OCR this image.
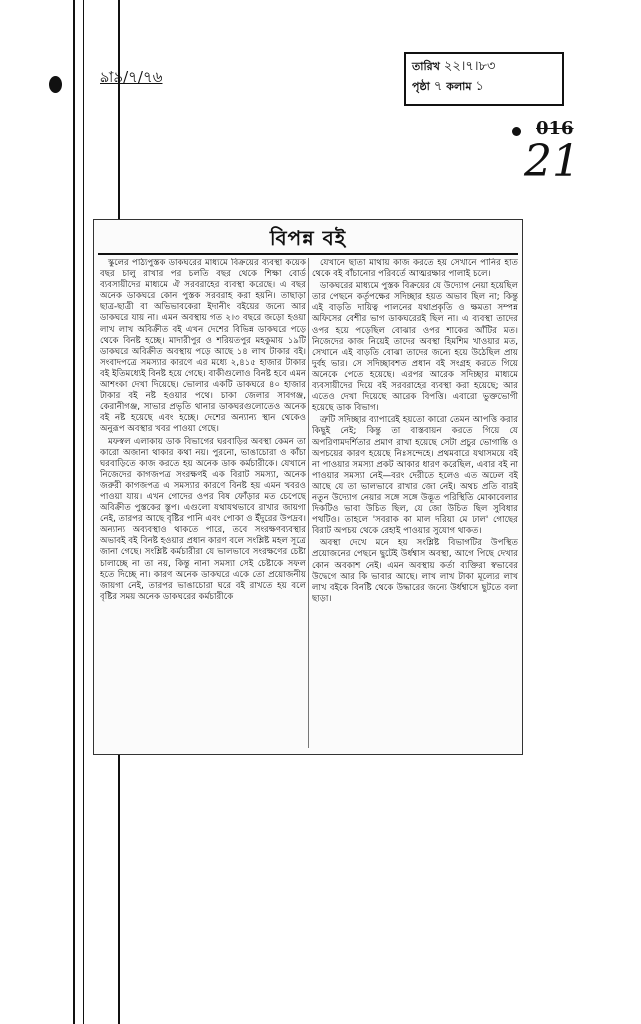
ঌা৯/৭/৭৬
তারিখ ২২।৭।৮৩
পৃষ্ঠা ৭ কলাম ১
016
21
বিপন্ন বই

স্কুলের পাঠ্যপুস্তক ডাকঘরের মাধ্যমে বিক্রয়ের ব্যবস্থা কয়েক বছর চালু রাখার পর চলতি বছর থেকে শিক্ষা বোর্ড ব্যবসায়ীদের মাধ্যমে ঐ সরবরাহের ব্যবস্থা করেছে। এ বছর অনেক ডাকঘরে কোন পুস্তক সরবরাহ করা হয়নি। তাছাড়া ছাত্র-ছাত্রী বা অভিভাবকেরা ইদানীং বইয়ের জন্যে আর ডাকঘরে যায় না। এমন অবস্থায় গত ২।৩ বছরে জড়ো হওয়া লাখ লাখ অবিক্রীত বই এখন দেশের বিভিন্ন ডাকঘরে পড়ে থেকে বিনষ্ট হচ্ছে। মাদারীপুর ও শরিয়তপুর মহকুমায় ১৯টি ডাকঘরে অবিক্রীত অবস্থায় পড়ে আছে ১৪ লাখ টাকার বই। সংবাদপত্রে সমস্যার কারণে এর মধ্যে ২,৪১৫ হাজার টাকার বই ইতিমধ্যেই বিনষ্ট হয়ে গেছে। বাকীগুলোও বিনষ্ট হবে এমন আশংকা দেখা দিয়েছে। ভোলার একটি ডাকঘরে ৪০ হাজার টাকার বই নষ্ট হওয়ার পথে। চাকা জেলার সাবগঞ্জ, কেরানীগঞ্জ, সাভার প্রভৃতি থানার ডাকঘরগুলোতেও অনেক বই নষ্ট হয়েছে এবং হচ্ছে। দেশের অন্যান্য স্থান থেকেও অনুরূপ অবস্থার খবর পাওয়া গেছে।

মফস্বল এলাকায় ডাক বিভাগের ঘরবাড়ির অবস্থা কেমন তা কারো অজানা থাকার কথা নয়। পুরনো, ভাঙাচোরা ও কাঁচা ঘরবাড়িতে কাজ করতে হয় অনেক ডাক কর্মচারীকে। যেখানে নিজেদের কাগজপত্র সংরক্ষণই এক বিরাট সমস্যা, অনেক জরুরী কাগজপত্র এ সমস্যার কারণে বিনষ্ট হয় এমন খবরও পাওয়া যায়। এখন গোদের ওপর বিষ ফোঁড়ার মত চেপেছে অবিক্রীত পুস্তকের স্তূপ। এগুলো যথাযথভাবে রাখার জায়গা নেই, তারপর আছে বৃষ্টির পানি এবং পোকা ও ইঁদুরের উপদ্রব। অন্যান্য অব্যবস্থাও থাকতে পারে, তবে সংরক্ষণব্যবস্থার অভাবই বই বিনষ্ট হওয়ার প্রধান কারণ বলে সংশ্লিষ্ট মহল সূত্রে জানা গেছে। সংশ্লিষ্ট কর্মচারীরা যে ভালভাবে সংরক্ষণের চেষ্টা চালাচ্ছে না তা নয়, কিন্তু নানা সমস্যা সেই চেষ্টাকে সফল হতে দিচ্ছে না। কারণ অনেক ডাকঘরে একে তো প্রয়োজনীয় জায়গা নেই, তারপর ভাঙাচোরা ঘরে বই রাখতে হয় বলে বৃষ্টির সময় অনেক ডাকঘরের কর্মচারীকে

যেখানে ছাতা মাথায় কাজ করতে হয় সেখানে পানির হাত থেকে বই বাঁচানোর পরিবর্তে আত্মরক্ষার পালাই চলে।

ডাকঘরের মাধ্যমে পুস্তক বিক্রয়ের যে উদ্যোগ নেয়া হয়েছিল তার পেছনে কর্তৃপক্ষের সদিচ্ছার হয়ত অভাব ছিল না; কিন্তু এই বাড়তি দায়িত্ব পালনের যথাপ্রকৃতি ও ক্ষমতা সম্পন্ন অফিসের বেশীর ভাগ ডাকঘরেরই ছিল না। এ ব্যবস্থা তাদের ওপর হয়ে পড়েছিল বোঝার ওপর শাকের আঁটির মত। নিজেদের কাজ নিয়েই তাদের অবস্থা হিমশিম খাওয়ার মত, সেখানে এই বাড়তি বোঝা তাদের জন্যে হয়ে উঠেছিল প্রায় দুর্বহ ভার। সে সদিচ্ছাবশত প্রধান বই সংগ্রহ করতে গিয়ে অনেকে পেতে হয়েছে। এরপর আরেক সদিচ্ছার মাধ্যমে ব্যবসায়ীদের দিয়ে বই সরবরাহের ব্যবস্থা করা হয়েছে; আর এতেও দেখা দিয়েছে আরেক বিপত্তি। এবারো ভুক্তভোগী হয়েছে ডাক বিভাগ।

ত্রুটি সদিচ্ছার ব্যাপারেই হয়তো কারো তেমন আপত্তি করার কিছুই নেই; কিন্তু তা বাস্তবায়ন করতে গিয়ে যে অপরিণামদর্শিতার প্রমাণ রাখা হয়েছে সেটা প্রচুর ভোগান্তি ও অপচয়ের কারণ হয়েছে নিঃসন্দেহে। প্রথমবারে যথাসময়ে বই না পাওয়ার সমস্যা প্রকট আকার ধারণ করেছিল, এবার বই না পাওয়ার সমস্যা নেই—বরং দেরীতে হলেও এত অঢেল বই আছে যে তা ভালভাবে রাখার জো নেই। অথচ প্রতি বারই নতুন উদ্যোগ নেয়ার সঙ্গে সঙ্গে উদ্ভূত পরিস্থিতি মোকাবেলার দিকটিও ভাবা উচিত ছিল, যে জো উচিত ছিল সুবিধার পথটিও। তাহলে 'সবরাক কা মাল দরিয়া মে ঢাল' গোছের বিরাট অপচয় থেকে রেহাই পাওয়ার সুযোগ থাকত।

অবস্থা দেখে মনে হয় সংশ্লিষ্ট বিভাগটির উপস্থিত প্রয়োজনের পেছনে ছুটেই উর্ধশ্বাস অবস্থা, আগে পিছে দেখার কোন অবকাশ নেই। এমন অবস্থায় কর্তা ব্যক্তিরা স্বভাবের উদ্বেগে আর কি ভাবার আছে। লাখ লাখ টাকা মূল্যের লাখ লাখ বইকে বিনষ্টি থেকে উদ্ধারের জন্যে উর্ধশ্বাসে ছুটতে বলা ছাড়া।
